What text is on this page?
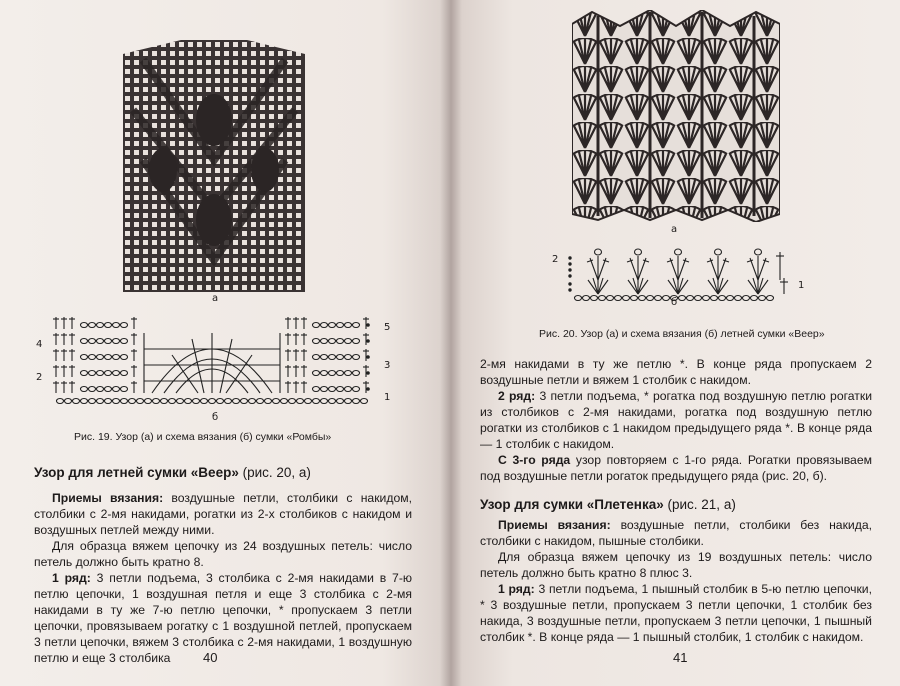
а
5
3
1
4
2
б
Рис. 19. Узор (а) и схема вязания (б) сумки «Ромбы»
Узор для летней сумки «Веер» (рис. 20, а)

Приемы вязания: воздушные петли, столбики с накидом, столбики с 2-мя накидами, рогатки из 2-х столбиков с накидом и воздушных петлей между ними.

Для образца вяжем цепочку из 24 воздушных петель: число петель должно быть кратно 8.

1 ряд: 3 петли подъема, 3 столбика с 2-мя накидами в 7-ю петлю цепочки, 1 воздушная петля и еще 3 столбика с 2-мя накидами в ту же 7-ю петлю цепочки, * пропускаем 3 петли цепочки, провязываем рогатку с 1 воздушной петлей, пропускаем 3 петли цепочки, вяжем 3 столбика с 2-мя накидами, 1 воздушную петлю и еще 3 столбика	40
а
2
1
б
Рис. 20. Узор (а) и схема вязания (б) летней сумки «Веер»

2-мя накидами в ту же петлю *. В конце ряда пропускаем 2 воздушные петли и вяжем 1 столбик с накидом.

2 ряд: 3 петли подъема, * рогатка под воздушную петлю рогатки из столбиков с 2-мя накидами, рогатка под воздушную петлю рогатки из столбиков с 1 накидом предыдущего ряда *. В конце ряда — 1 столбик с накидом.

С 3-го ряда узор повторяем с 1-го ряда. Рогатки провязываем под воздушные петли рогаток предыдущего ряда (рис. 20, б).

Узор для сумки «Плетенка» (рис. 21, а)

Приемы вязания: воздушные петли, столбики без накида, столбики с накидом, пышные столбики.

Для образца вяжем цепочку из 19 воздушных петель: число петель должно быть кратно 8 плюс 3.

1 ряд: 3 петли подъема, 1 пышный столбик в 5-ю петлю цепочки, * 3 воздушные петли, пропускаем 3 петли цепочки, 1 столбик без накида, 3 воздушные петли, пропускаем 3 петли цепочки, 1 пышный столбик *. В конце ряда — 1 пышный столбик, 1 столбик с накидом.

41
